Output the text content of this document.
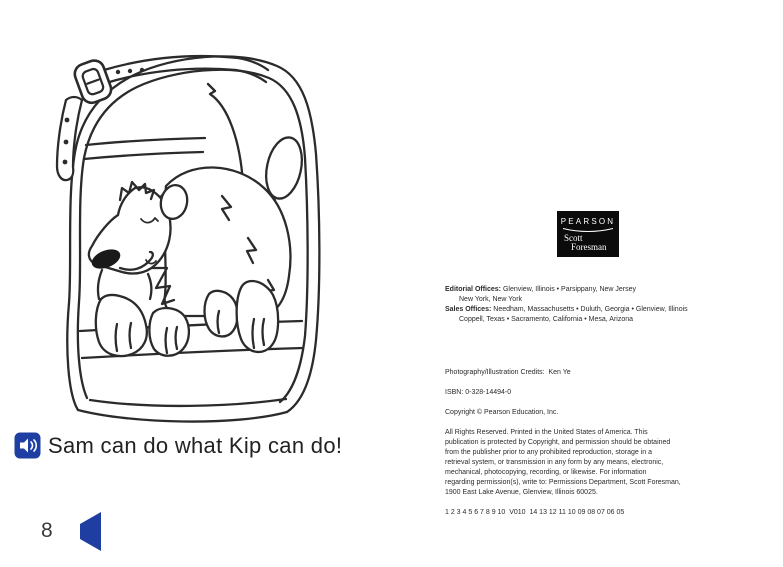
Sam can do what Kip can do!
8
PEARSON
Scott
Foresman
Editorial Offices: Glenview, Illinois • Parsippany, New Jersey
New York, New York
Sales Offices: Needham, Massachusetts • Duluth, Georgia • Glenview, Illinois
Coppell, Texas • Sacramento, California • Mesa, Arizona
Photography/Illustration Credits:  Ken Ye
ISBN: 0-328-14494-0
Copyright © Pearson Education, Inc.
All Rights Reserved. Printed in the United States of America. This
publication is protected by Copyright, and permission should be obtained
from the publisher prior to any prohibited reproduction, storage in a
retrieval system, or transmission in any form by any means, electronic,
mechanical, photocopying, recording, or likewise. For information
regarding permission(s), write to: Permissions Department, Scott Foresman,
1900 East Lake Avenue, Glenview, Illinois 60025.
1 2 3 4 5 6 7 8 9 10  V010  14 13 12 11 10 09 08 07 06 05
